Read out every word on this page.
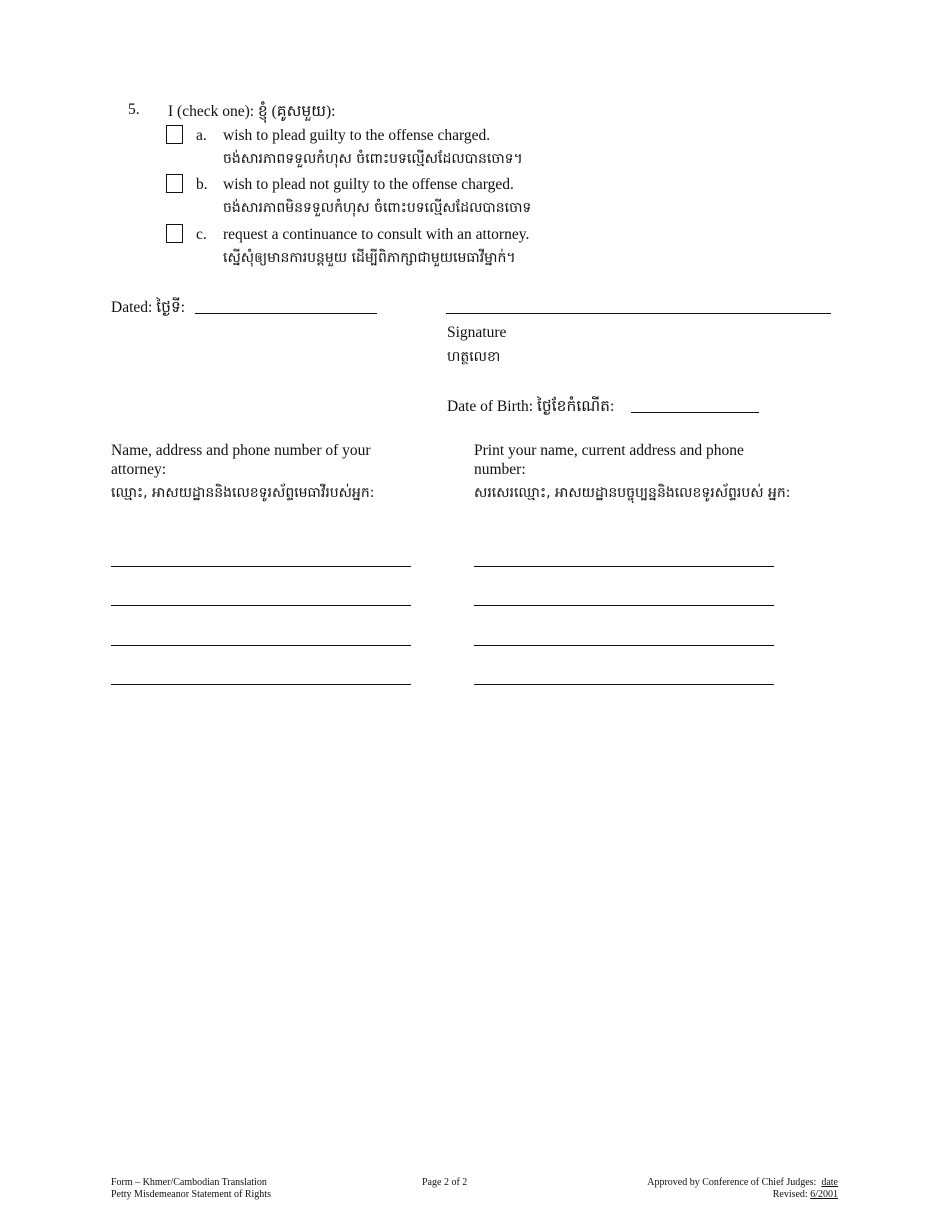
5. I (check one): ខ្ញុំ (គូសមួយ):
a. wish to plead guilty to the offense charged.
ចង់សារភាពទទួលកំហុស ចំពោះបទល្មើសដែលបានចោទ។
b. wish to plead not guilty to the offense charged.
ចង់សារភាពមិនទទួលកំហុស ចំពោះបទល្មើសដែលបានចោទ
c. request a continuance to consult with an attorney.
ស្នើសុំឲ្យមានការបន្តមួយ ដើម្បីពិភាក្សាជាមួយមេធាវីម្នាក់។
Dated: ថ្ងៃទី:
Signature
ហត្ថលេខា
Date of Birth: ថ្ងៃខែកំណើត:
Name, address and phone number of your
attorney:
ឈ្មោះ, អាសយដ្ឋាននិងលេខទូរស័ព្ទមេធាវីរបស់អ្នក:
Print your name, current address and phone
number:
សរសេរឈ្មោះ, អាសយដ្ឋានបច្ចុប្បន្ននិងលេខទូរស័ព្ទរបស់ អ្នក:
Form – Khmer/Cambodian Translation
Petty Misdemeanor Statement of Rights
Page 2 of 2	Approved by Conference of Chief Judges: date
Revised: 6/2001
